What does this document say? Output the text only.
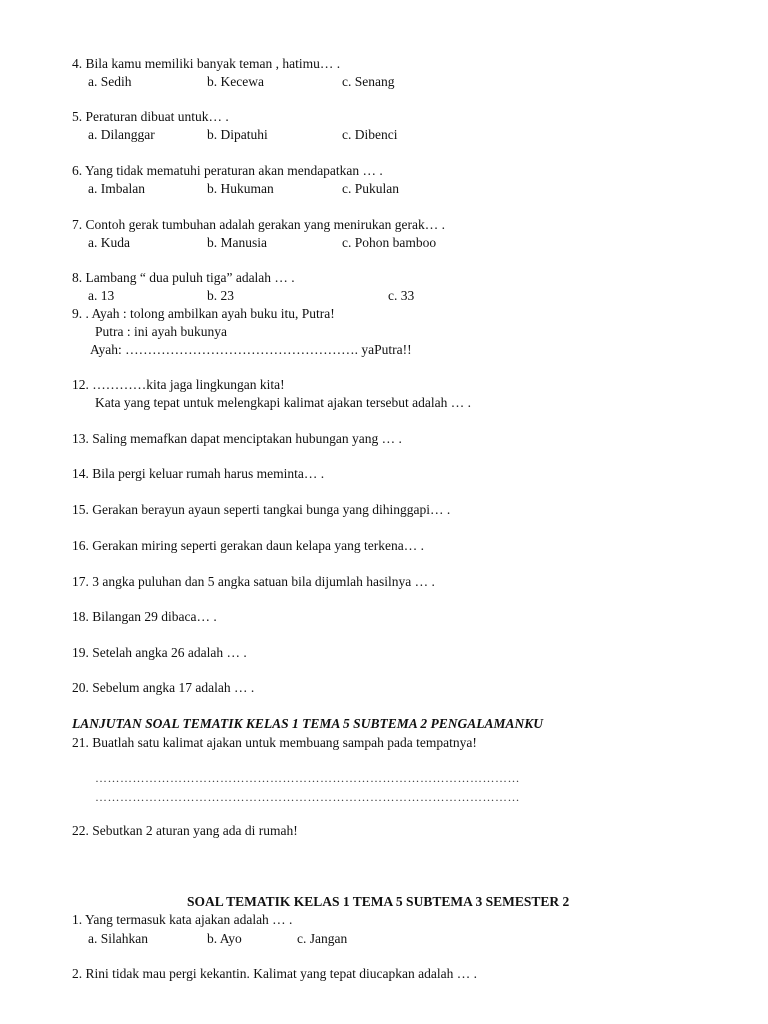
4. Bila kamu memiliki banyak teman , hatimu… .
a. Sedih	b. Kecewa	c. Senang
5. Peraturan dibuat untuk… .
a. Dilanggar	b. Dipatuhi	c. Dibenci
6. Yang tidak mematuhi peraturan akan mendapatkan … .
a. Imbalan	b. Hukuman	c. Pukulan
7. Contoh gerak tumbuhan adalah gerakan yang menirukan gerak… .
a. Kuda	b. Manusia	c. Pohon bamboo
8. Lambang “ dua puluh tiga” adalah … .
a. 13	b. 23	c. 33
9. . Ayah : tolong ambilkan ayah buku itu, Putra!
Putra : ini ayah bukunya
Ayah: ……………………………………………. yaPutra!!
12. …………kita jaga lingkungan kita!
Kata yang tepat untuk melengkapi kalimat ajakan tersebut adalah … .
13. Saling memafkan dapat menciptakan hubungan yang … .
14. Bila pergi keluar rumah harus meminta… .
15. Gerakan berayun ayaun seperti tangkai bunga yang dihinggapi… .
16. Gerakan miring seperti gerakan daun kelapa yang terkena… .
17. 3 angka puluhan dan 5 angka satuan bila dijumlah hasilnya … .
18. Bilangan 29 dibaca… .
19. Setelah angka 26 adalah … .
20. Sebelum angka 17 adalah … .
LANJUTAN SOAL TEMATIK KELAS 1 TEMA 5 SUBTEMA 2 PENGALAMANKU
21. Buatlah satu kalimat ajakan untuk membuang sampah pada tempatnya!
…………………………………………………………………………………………
…………………………………………………………………………………………
22. Sebutkan 2 aturan yang ada di rumah!
SOAL TEMATIK KELAS 1 TEMA 5 SUBTEMA 3 SEMESTER 2
1. Yang termasuk kata ajakan adalah … .
a. Silahkan	b. Ayo	c. Jangan
2. Rini tidak mau pergi kekantin. Kalimat yang tepat diucapkan adalah … .
